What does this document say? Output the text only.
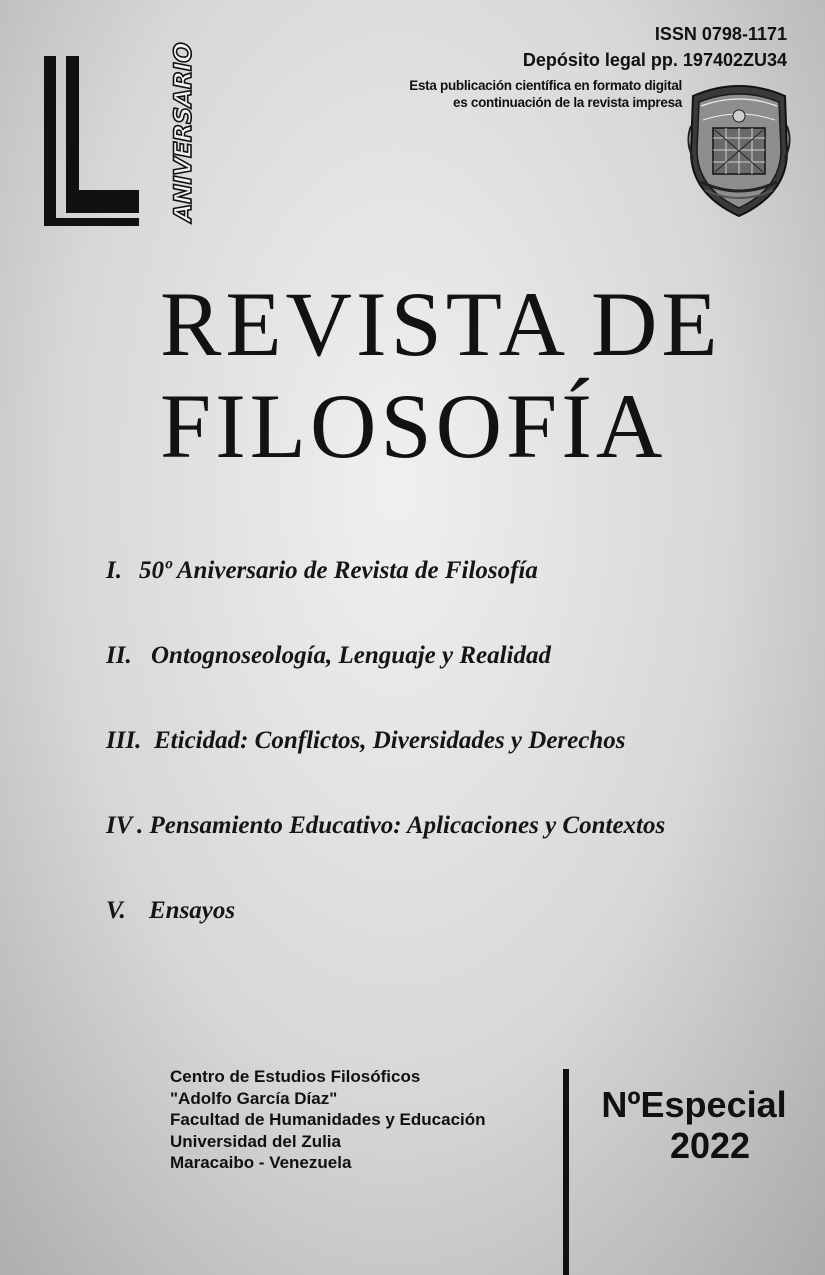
ANIVERSARIO
ISSN 0798-1171
Depósito legal pp. 197402ZU34
Esta publicación científica en formato digital
es continuación de la revista impresa
REVISTA DE
FILOSOFÍA
I. 50º Aniversario de Revista de Filosofía
II. Ontognoseología, Lenguaje y Realidad
III. Eticidad: Conflictos, Diversidades y Derechos
IV . Pensamiento Educativo: Aplicaciones y Contextos
V. Ensayos
Centro de Estudios Filosóficos
"Adolfo García Díaz"
Facultad de Humanidades y Educación
Universidad del Zulia
Maracaibo - Venezuela
NºEspecial
2022
